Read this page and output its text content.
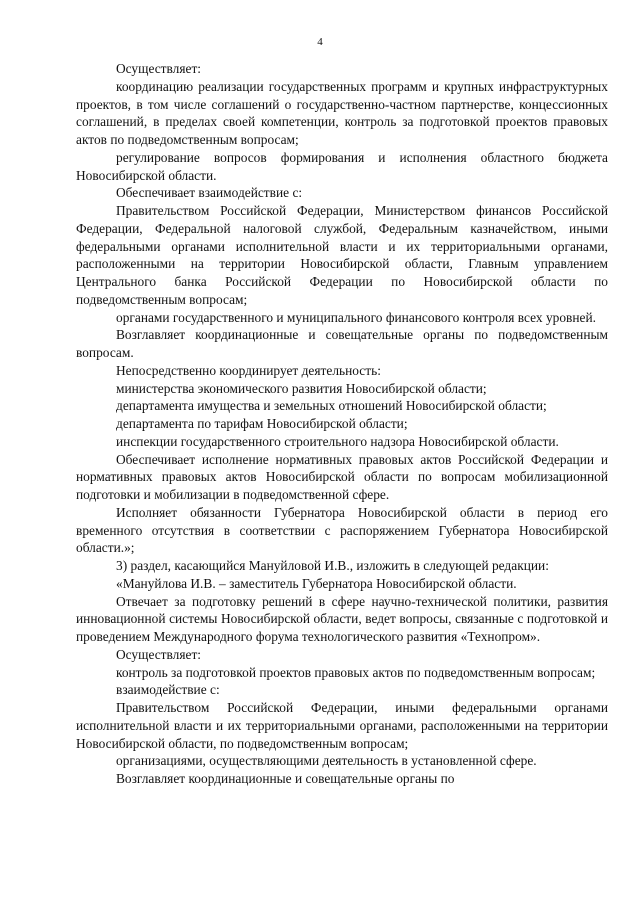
4

Осуществляет:

координацию реализации государственных программ и крупных инфраструктурных проектов, в том числе соглашений о государственно-частном партнерстве, концессионных соглашений, в пределах своей компетенции, контроль за подготовкой проектов правовых актов по подведомственным вопросам;

регулирование вопросов формирования и исполнения областного бюджета Новосибирской области.

Обеспечивает взаимодействие с:

Правительством Российской Федерации, Министерством финансов Российской Федерации, Федеральной налоговой службой, Федеральным казначейством, иными федеральными органами исполнительной власти и их территориальными органами, расположенными на территории Новосибирской области, Главным управлением Центрального банка Российской Федерации по Новосибирской области по подведомственным вопросам;

органами государственного и муниципального финансового контроля всех уровней.

Возглавляет координационные и совещательные органы по подведомственным вопросам.

Непосредственно координирует деятельность:

министерства экономического развития Новосибирской области;

департамента имущества и земельных отношений Новосибирской области;

департамента по тарифам Новосибирской области;

инспекции государственного строительного надзора Новосибирской области.

Обеспечивает исполнение нормативных правовых актов Российской Федерации и нормативных правовых актов Новосибирской области по вопросам мобилизационной подготовки и мобилизации в подведомственной сфере.

Исполняет обязанности Губернатора Новосибирской области в период его временного отсутствия в соответствии с распоряжением Губернатора Новосибирской области.»;

3) раздел, касающийся Мануйловой И.В., изложить в следующей редакции:

«Мануйлова И.В. – заместитель Губернатора Новосибирской области.

Отвечает за подготовку решений в сфере научно-технической политики, развития инновационной системы Новосибирской области, ведет вопросы, связанные с подготовкой и проведением Международного форума технологического развития «Технопром».

Осуществляет:

контроль за подготовкой проектов правовых актов по подведомственным вопросам;

взаимодействие с:

Правительством Российской Федерации, иными федеральными органами исполнительной власти и их территориальными органами, расположенными на территории Новосибирской области, по подведомственным вопросам;

организациями, осуществляющими деятельность в установленной сфере.

Возглавляет координационные и совещательные органы по
